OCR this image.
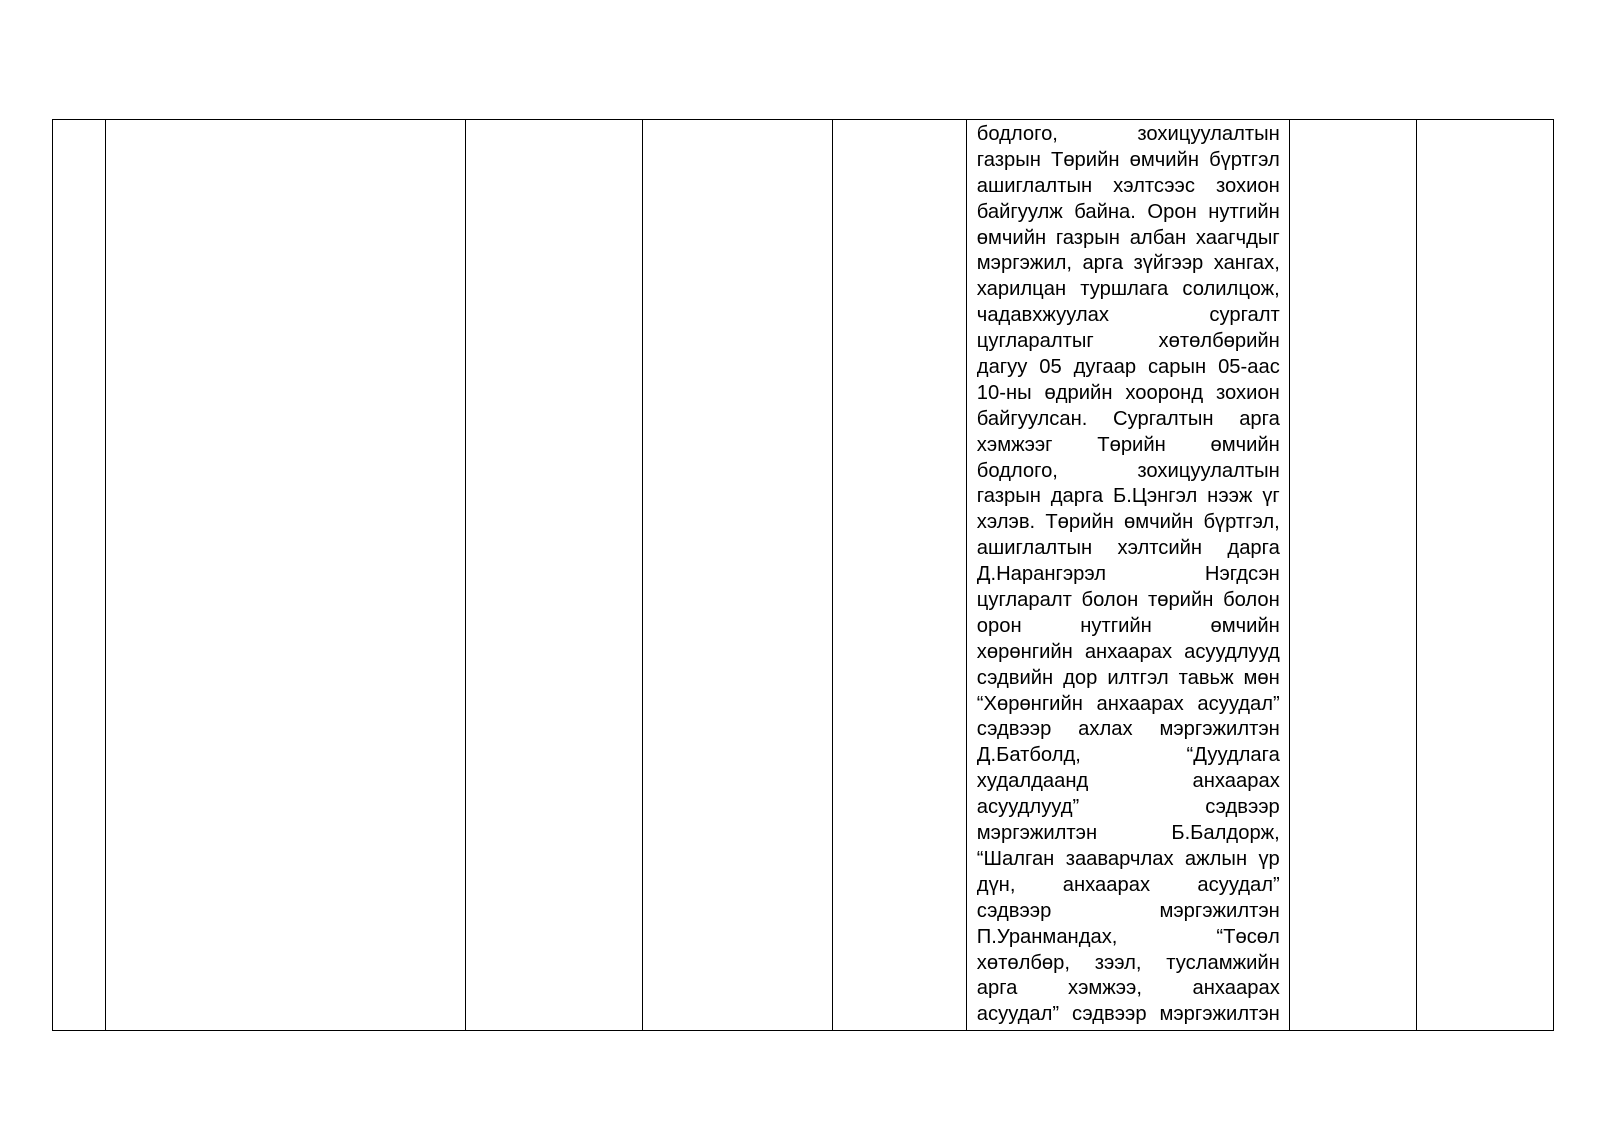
бодлого, зохицуулалтын
газрын Төрийн өмчийн бүртгэл
ашиглалтын хэлтсээс зохион
байгуулж байна. Орон нутгийн
өмчийн газрын албан хаагчдыг
мэргэжил, арга зүйгээр хангах,
харилцан туршлага солилцож,
чадавхжуулах сургалт
цугларалтыг хөтөлбөрийн
дагуу 05 дугаар сарын 05-аас
10-ны өдрийн хооронд зохион
байгуулсан. Сургалтын арга
хэмжээг Төрийн өмчийн
бодлого, зохицуулалтын
газрын дарга Б.Цэнгэл нээж үг
хэлэв. Төрийн өмчийн бүртгэл,
ашиглалтын хэлтсийн дарга
Д.Нарангэрэл Нэгдсэн
цугларалт болон төрийн болон
орон нутгийн өмчийн
хөрөнгийн анхаарах асуудлууд
сэдвийн дор илтгэл тавьж мөн
“Хөрөнгийн анхаарах асуудал”
сэдвээр ахлах мэргэжилтэн
Д.Батболд, “Дуудлага
худалдаанд анхаарах
асуудлууд” сэдвээр
мэргэжилтэн Б.Балдорж,
“Шалган зааварчлах ажлын үр
дүн, анхаарах асуудал”
сэдвээр мэргэжилтэн
П.Уранмандах, “Төсөл
хөтөлбөр, зээл, тусламжийн
арга хэмжээ, анхаарах
асуудал” сэдвээр мэргэжилтэн
